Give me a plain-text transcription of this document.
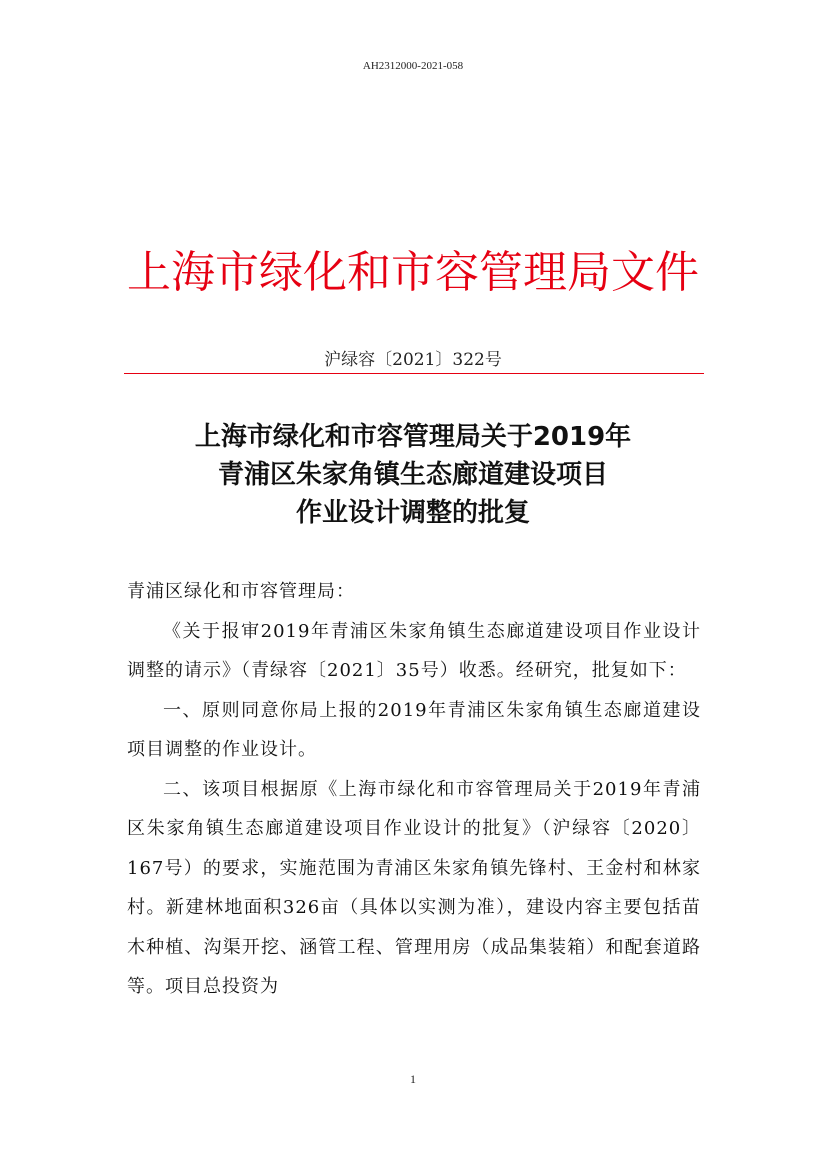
AH2312000-2021-058
上海市绿化和市容管理局文件
沪绿容〔2021〕322号
上海市绿化和市容管理局关于2019年
青浦区朱家角镇生态廊道建设项目
作业设计调整的批复

青浦区绿化和市容管理局：

《关于报审2019年青浦区朱家角镇生态廊道建设项目作业设计调整的请示》（青绿容〔2021〕35号）收悉。经研究，批复如下：

一、原则同意你局上报的2019年青浦区朱家角镇生态廊道建设项目调整的作业设计。

二、该项目根据原《上海市绿化和市容管理局关于2019年青浦区朱家角镇生态廊道建设项目作业设计的批复》（沪绿容〔2020〕167号）的要求，实施范围为青浦区朱家角镇先锋村、王金村和林家村。新建林地面积326亩（具体以实测为准），建设内容主要包括苗木种植、沟渠开挖、涵管工程、管理用房（成品集装箱）和配套道路等。项目总投资为

1
